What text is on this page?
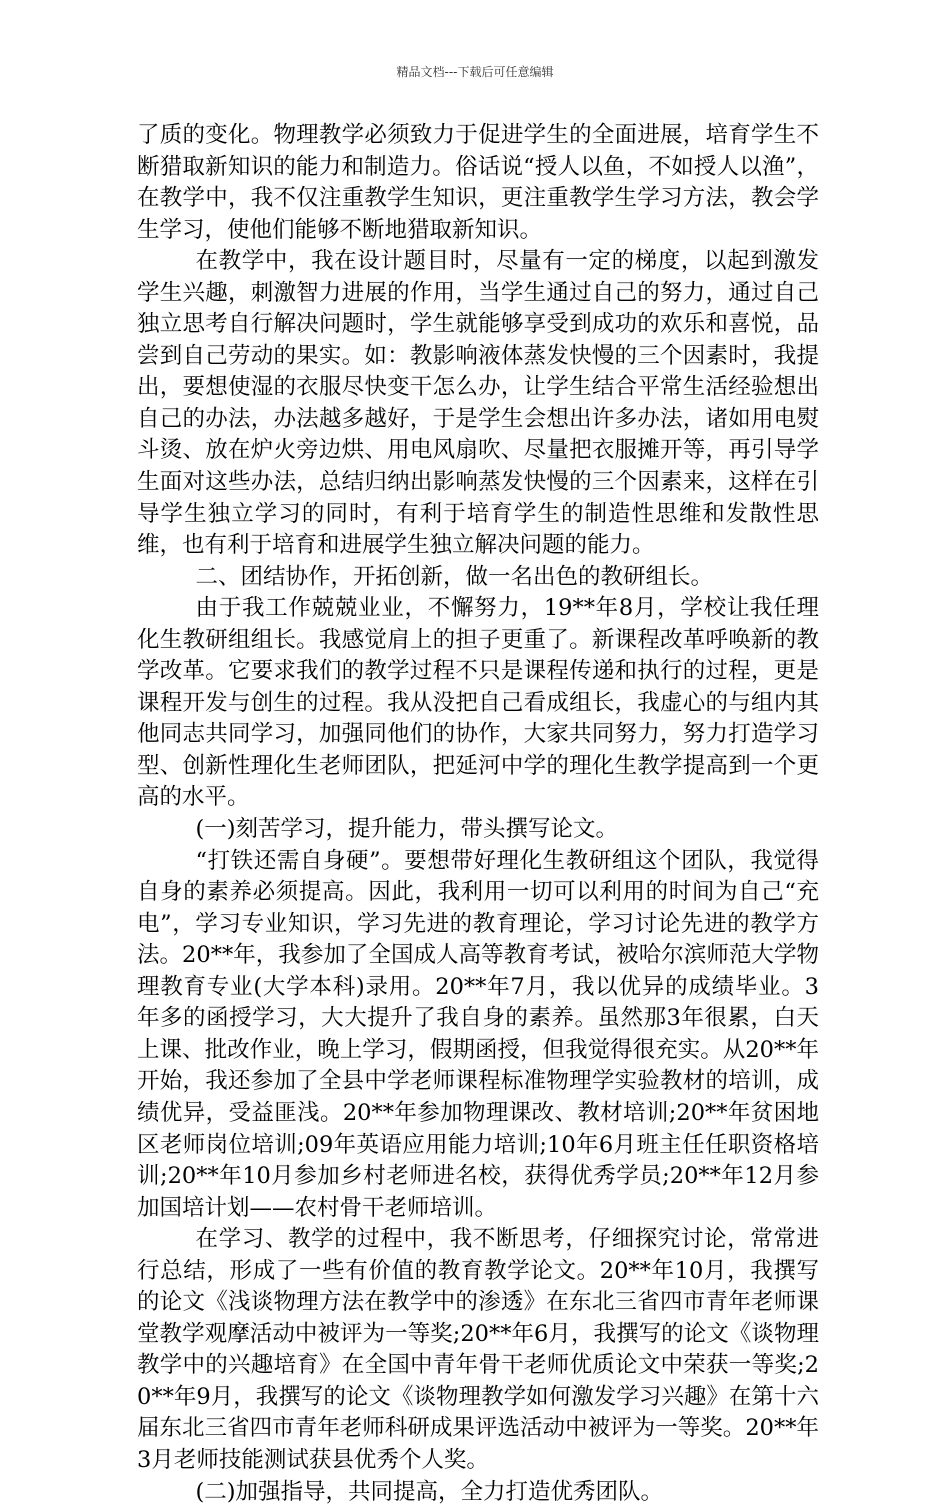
精品文档---下载后可任意编辑

了质的变化。物理教学必须致力于促进学生的全面进展，培育学生不断猎取新知识的能力和制造力。俗话说“授人以鱼，不如授人以渔”，在教学中，我不仅注重教学生知识，更注重教学生学习方法，教会学生学习，使他们能够不断地猎取新知识。

在教学中，我在设计题目时，尽量有一定的梯度，以起到激发学生兴趣，刺激智力进展的作用，当学生通过自己的努力，通过自己独立思考自行解决问题时，学生就能够享受到成功的欢乐和喜悦，品尝到自己劳动的果实。如：教影响液体蒸发快慢的三个因素时，我提出，要想使湿的衣服尽快变干怎么办，让学生结合平常生活经验想出自己的办法，办法越多越好，于是学生会想出许多办法，诸如用电熨斗烫、放在炉火旁边烘、用电风扇吹、尽量把衣服摊开等，再引导学生面对这些办法，总结归纳出影响蒸发快慢的三个因素来，这样在引导学生独立学习的同时，有利于培育学生的制造性思维和发散性思维，也有利于培育和进展学生独立解决问题的能力。

二、团结协作，开拓创新，做一名出色的教研组长。

由于我工作兢兢业业，不懈努力，19**年8月，学校让我任理化生教研组组长。我感觉肩上的担子更重了。新课程改革呼唤新的教学改革。它要求我们的教学过程不只是课程传递和执行的过程，更是课程开发与创生的过程。我从没把自己看成组长，我虚心的与组内其他同志共同学习，加强同他们的协作，大家共同努力，努力打造学习型、创新性理化生老师团队，把延河中学的理化生教学提高到一个更高的水平。

(一)刻苦学习，提升能力，带头撰写论文。

“打铁还需自身硬”。要想带好理化生教研组这个团队，我觉得自身的素养必须提高。因此，我利用一切可以利用的时间为自己“充电”，学习专业知识，学习先进的教育理论，学习讨论先进的教学方法。20**年，我参加了全国成人高等教育考试，被哈尔滨师范大学物理教育专业(大学本科)录用。20**年7月，我以优异的成绩毕业。3年多的函授学习，大大提升了我自身的素养。虽然那3年很累，白天上课、批改作业，晚上学习，假期函授，但我觉得很充实。从20**年开始，我还参加了全县中学老师课程标准物理学实验教材的培训，成绩优异，受益匪浅。20**年参加物理课改、教材培训;20**年贫困地区老师岗位培训;09年英语应用能力培训;10年6月班主任任职资格培训;20**年10月参加乡村老师进名校，获得优秀学员;20**年12月参加国培计划——农村骨干老师培训。

在学习、教学的过程中，我不断思考，仔细探究讨论，常常进行总结，形成了一些有价值的教育教学论文。20**年10月，我撰写的论文《浅谈物理方法在教学中的渗透》在东北三省四市青年老师课堂教学观摩活动中被评为一等奖;20**年6月，我撰写的论文《谈物理教学中的兴趣培育》在全国中青年骨干老师优质论文中荣获一等奖;20**年9月，我撰写的论文《谈物理教学如何激发学习兴趣》在第十六届东北三省四市青年老师科研成果评选活动中被评为一等奖。20**年3月老师技能测试获县优秀个人奖。

(二)加强指导，共同提高，全力打造优秀团队。
